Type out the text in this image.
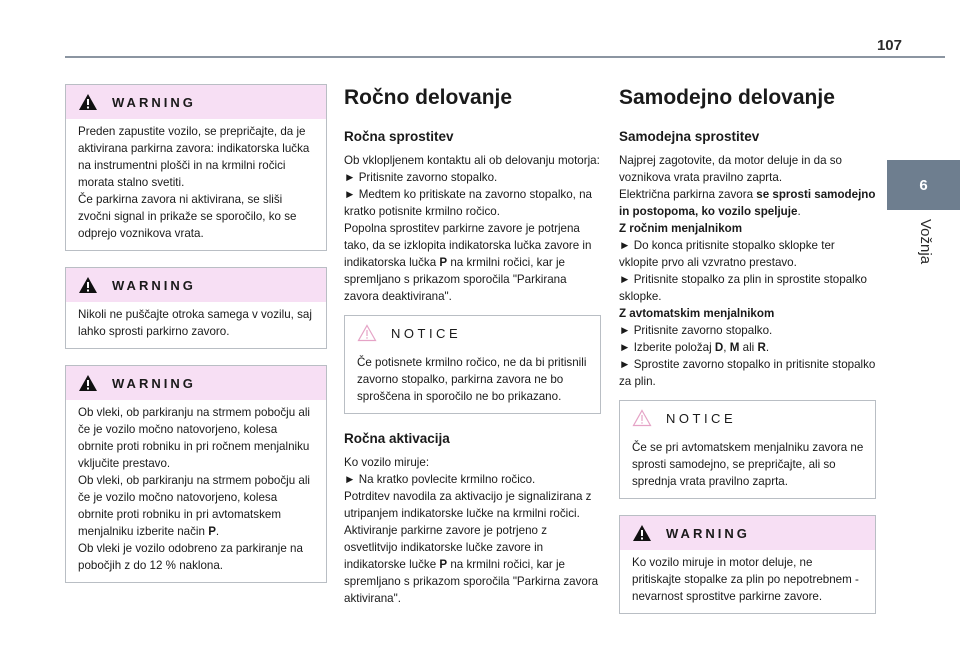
107
6
Vožnja
WARNING

Preden zapustite vozilo, se prepričajte, da je aktivirana parkirna zavora: indikatorska lučka na instrumentni plošči in na krmilni ročici morata stalno svetiti.

Če parkirna zavora ni aktivirana, se sliši zvočni signal in prikaže se sporočilo, ko se odprejo voznikova vrata.

WARNING

Nikoli ne puščajte otroka samega v vozilu, saj lahko sprosti parkirno zavoro.

WARNING

Ob vleki, ob parkiranju na strmem pobočju ali če je vozilo močno natovorjeno, kolesa obrnite proti robniku in pri ročnem menjalniku vključite prestavo.

Ob vleki, ob parkiranju na strmem pobočju ali če je vozilo močno natovorjeno, kolesa obrnite proti robniku in pri avtomatskem menjalniku izberite način P.

Ob vleki je vozilo odobreno za parkiranje na pobočjih z do 12 % naklona.

Ročno delovanje
Ročna sprostitev

Ob vklopljenem kontaktu ali ob delovanju motorja:

► Pritisnite zavorno stopalko.

► Medtem ko pritiskate na zavorno stopalko, na kratko potisnite krmilno ročico.

Popolna sprostitev parkirne zavore je potrjena tako, da se izklopita indikatorska lučka zavore in indikatorska lučka P na krmilni ročici, kar je spremljano s prikazom sporočila "Parkirana zavora deaktivirana".

NOTICE

Če potisnete krmilno ročico, ne da bi pritisnili zavorno stopalko, parkirna zavora ne bo sproščena in sporočilo ne bo prikazano.

Ročna aktivacija

Ko vozilo miruje:

► Na kratko povlecite krmilno ročico.

Potrditev navodila za aktivacijo je signalizirana z utripanjem indikatorske lučke na krmilni ročici. Aktiviranje parkirne zavore je potrjeno z osvetlitvijo indikatorske lučke zavore in indikatorske lučke P na krmilni ročici, kar je spremljano s prikazom sporočila "Parkirna zavora aktivirana".

Samodejno delovanje
Samodejna sprostitev

Najprej zagotovite, da motor deluje in da so voznikova vrata pravilno zaprta.

Električna parkirna zavora se sprosti samodejno in postopoma, ko vozilo speljuje.

Z ročnim menjalnikom

► Do konca pritisnite stopalko sklopke ter vklopite prvo ali vzvratno prestavo.

► Pritisnite stopalko za plin in sprostite stopalko sklopke.

Z avtomatskim menjalnikom

► Pritisnite zavorno stopalko.

► Izberite položaj D, M ali R.

► Sprostite zavorno stopalko in pritisnite stopalko za plin.

NOTICE

Če se pri avtomatskem menjalniku zavora ne sprosti samodejno, se prepričajte, ali so sprednja vrata pravilno zaprta.

WARNING

Ko vozilo miruje in motor deluje, ne pritiskajte stopalke za plin po nepotrebnem - nevarnost sprostitve parkirne zavore.
